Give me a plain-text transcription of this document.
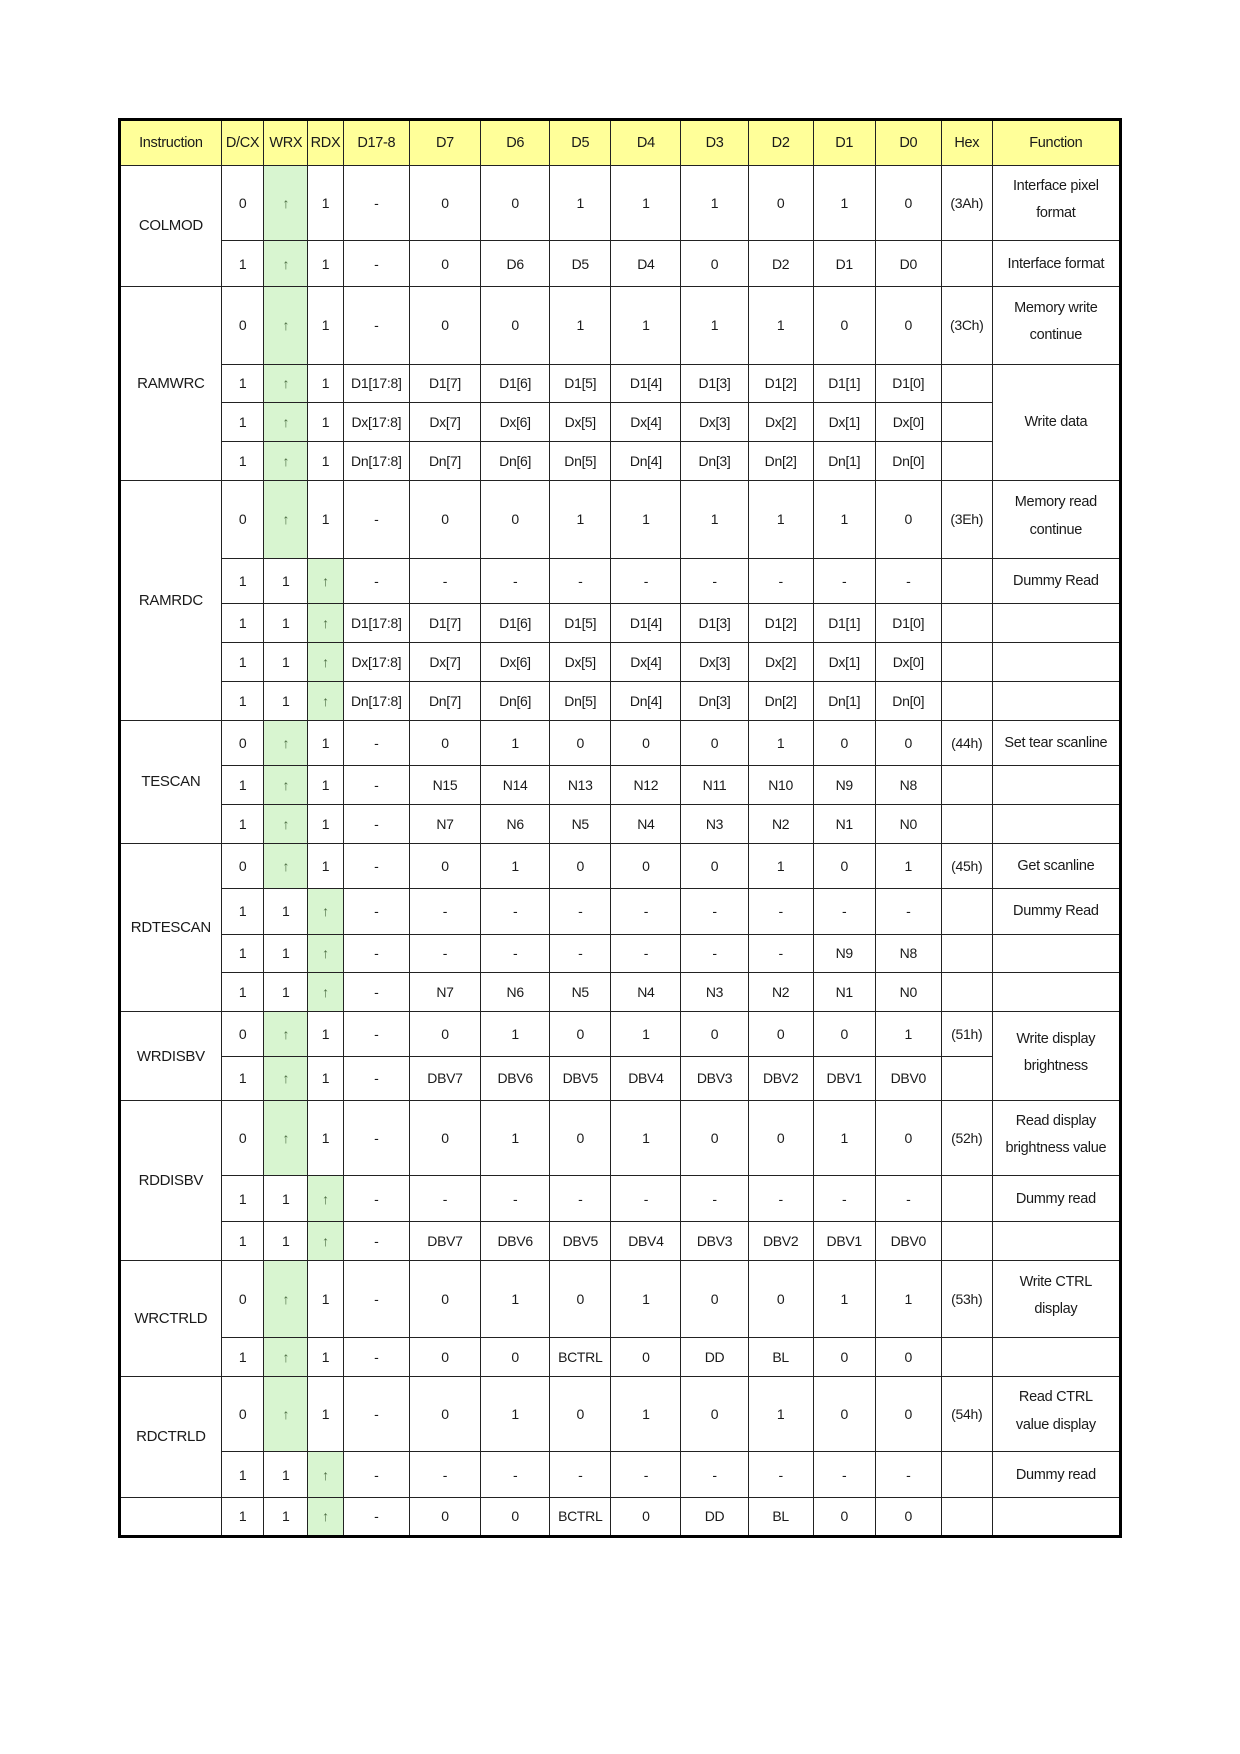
Instruction	D/CX	WRX	RDX	D17-8	D7	D6	D5	D4	D3	D2	D1	D0	Hex	Function
COLMOD	0	↑	1	-	0	0	1	1	1	0	1	0	(3Ah)	Interface pixel
format
	1	↑	1	-	0	D6	D5	D4	0	D2	D1	D0		Interface format
RAMWRC	0	↑	1	-	0	0	1	1	1	1	0	0	(3Ch)	Memory write
continue
	1	↑	1	D1[17:8]	D1[7]	D1[6]	D1[5]	D1[4]	D1[3]	D1[2]	D1[1]	D1[0]		Write data
	1	↑	1	Dx[17:8]	Dx[7]	Dx[6]	Dx[5]	Dx[4]	Dx[3]	Dx[2]	Dx[1]	Dx[0]		
	1	↑	1	Dn[17:8]	Dn[7]	Dn[6]	Dn[5]	Dn[4]	Dn[3]	Dn[2]	Dn[1]	Dn[0]		
RAMRDC	0	↑	1	-	0	0	1	1	1	1	1	0	(3Eh)	Memory read
continue
	1	1	↑	-	-	-	-	-	-	-	-	-		Dummy Read
	1	1	↑	D1[17:8]	D1[7]	D1[6]	D1[5]	D1[4]	D1[3]	D1[2]	D1[1]	D1[0]		
	1	1	↑	Dx[17:8]	Dx[7]	Dx[6]	Dx[5]	Dx[4]	Dx[3]	Dx[2]	Dx[1]	Dx[0]		
	1	1	↑	Dn[17:8]	Dn[7]	Dn[6]	Dn[5]	Dn[4]	Dn[3]	Dn[2]	Dn[1]	Dn[0]		
TESCAN	0	↑	1	-	0	1	0	0	0	1	0	0	(44h)	Set tear scanline
	1	↑	1	-	N15	N14	N13	N12	N11	N10	N9	N8		
	1	↑	1	-	N7	N6	N5	N4	N3	N2	N1	N0		
RDTESCAN	0	↑	1	-	0	1	0	0	0	1	0	1	(45h)	Get scanline
	1	1	↑	-	-	-	-	-	-	-	-	-		Dummy Read
	1	1	↑	-	-	-	-	-	-	-	N9	N8		
	1	1	↑	-	N7	N6	N5	N4	N3	N2	N1	N0		
WRDISBV	0	↑	1	-	0	1	0	1	0	0	0	1	(51h)	Write display
brightness
	1	↑	1	-	DBV7	DBV6	DBV5	DBV4	DBV3	DBV2	DBV1	DBV0		
RDDISBV	0	↑	1	-	0	1	0	1	0	0	1	0	(52h)	Read display
brightness value
	1	1	↑	-	-	-	-	-	-	-	-	-		Dummy read
	1	1	↑	-	DBV7	DBV6	DBV5	DBV4	DBV3	DBV2	DBV1	DBV0		
WRCTRLD	0	↑	1	-	0	1	0	1	0	0	1	1	(53h)	Write CTRL
display
	1	↑	1	-	0	0	BCTRL	0	DD	BL	0	0		
RDCTRLD	0	↑	1	-	0	1	0	1	0	1	0	0	(54h)	Read CTRL
value display
	1	1	↑	-	-	-	-	-	-	-	-	-		Dummy read
	1	1	↑	-	0	0	BCTRL	0	DD	BL	0	0		
